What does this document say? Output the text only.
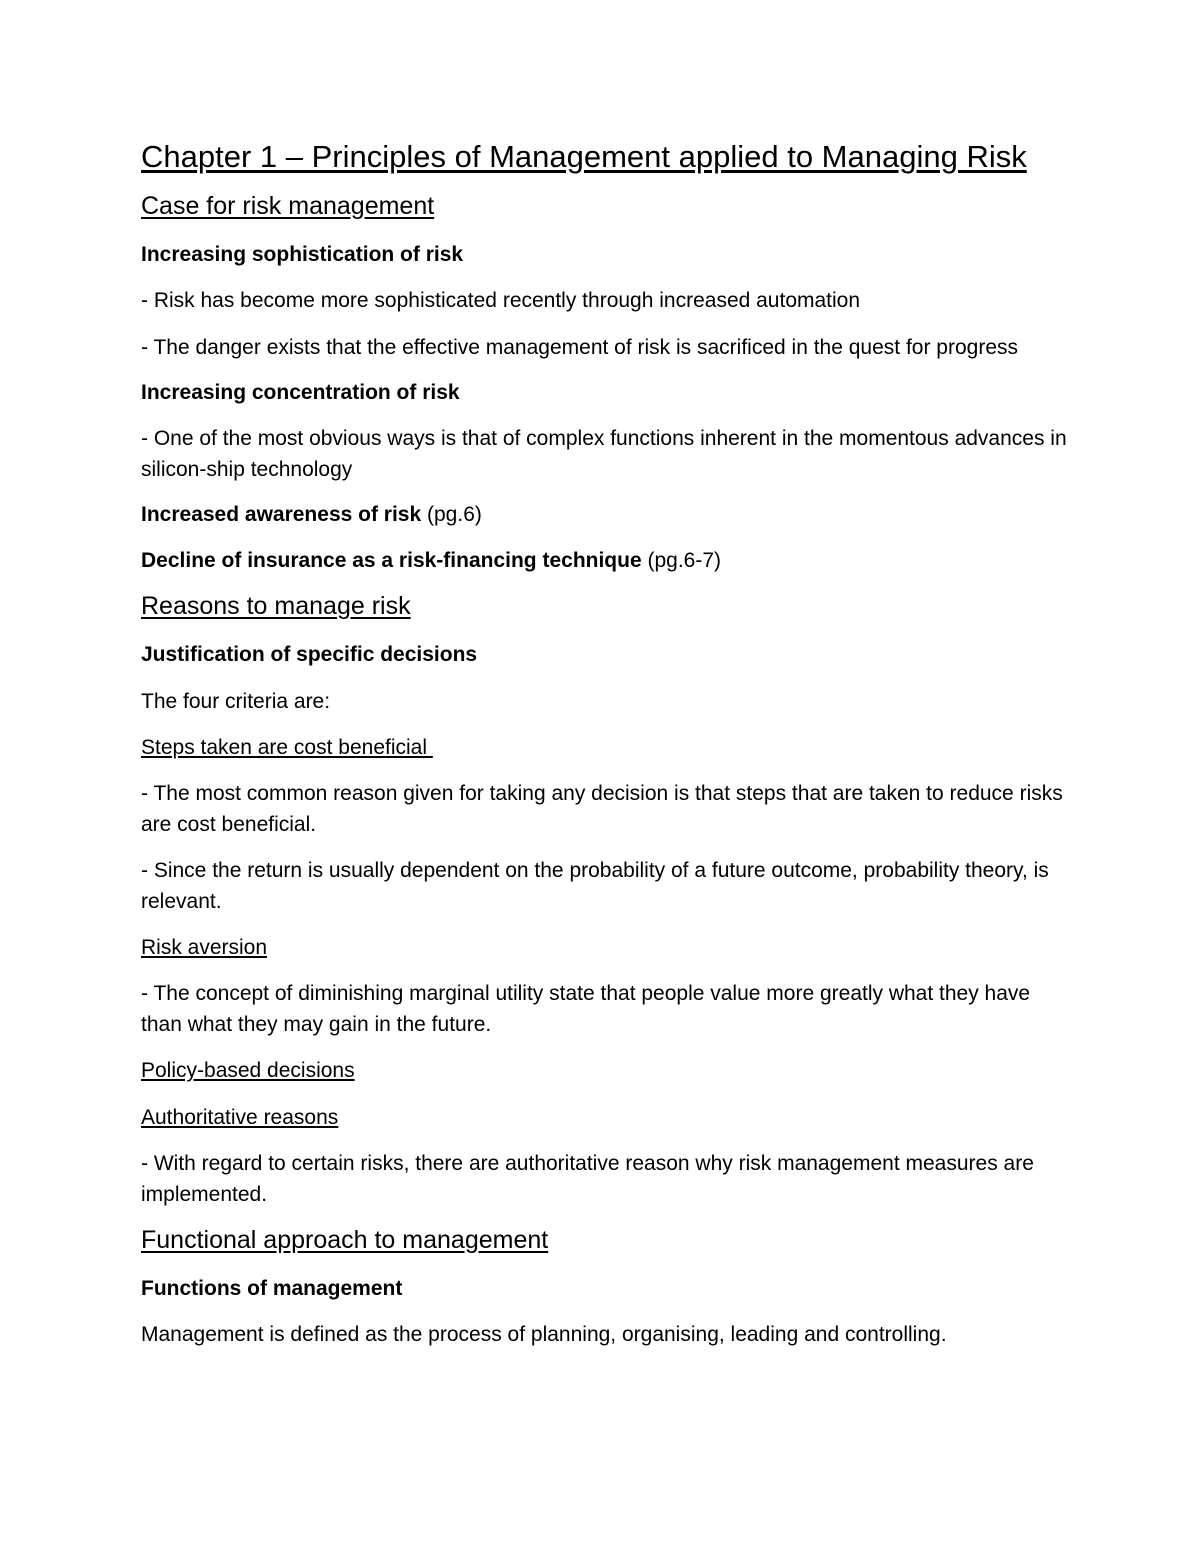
Chapter 1 – Principles of Management applied to Managing Risk
Case for risk management
Increasing sophistication of risk
- Risk has become more sophisticated recently through increased automation
- The danger exists that the effective management of risk is sacrificed in the quest for progress
Increasing concentration of risk
- One of the most obvious ways is that of complex functions inherent in the momentous advances in silicon-ship technology
Increased awareness of risk (pg.6)
Decline of insurance as a risk-financing technique (pg.6-7)
Reasons to manage risk
Justification of specific decisions
The four criteria are:
Steps taken are cost beneficial
- The most common reason given for taking any decision is that steps that are taken to reduce risks are cost beneficial.
- Since the return is usually dependent on the probability of a future outcome, probability theory, is relevant.
Risk aversion
- The concept of diminishing marginal utility state that people value more greatly what they have than what they may gain in the future.
Policy-based decisions
Authoritative reasons
- With regard to certain risks, there are authoritative reason why risk management measures are implemented.
Functional approach to management
Functions of management
Management is defined as the process of planning, organising, leading and controlling.
